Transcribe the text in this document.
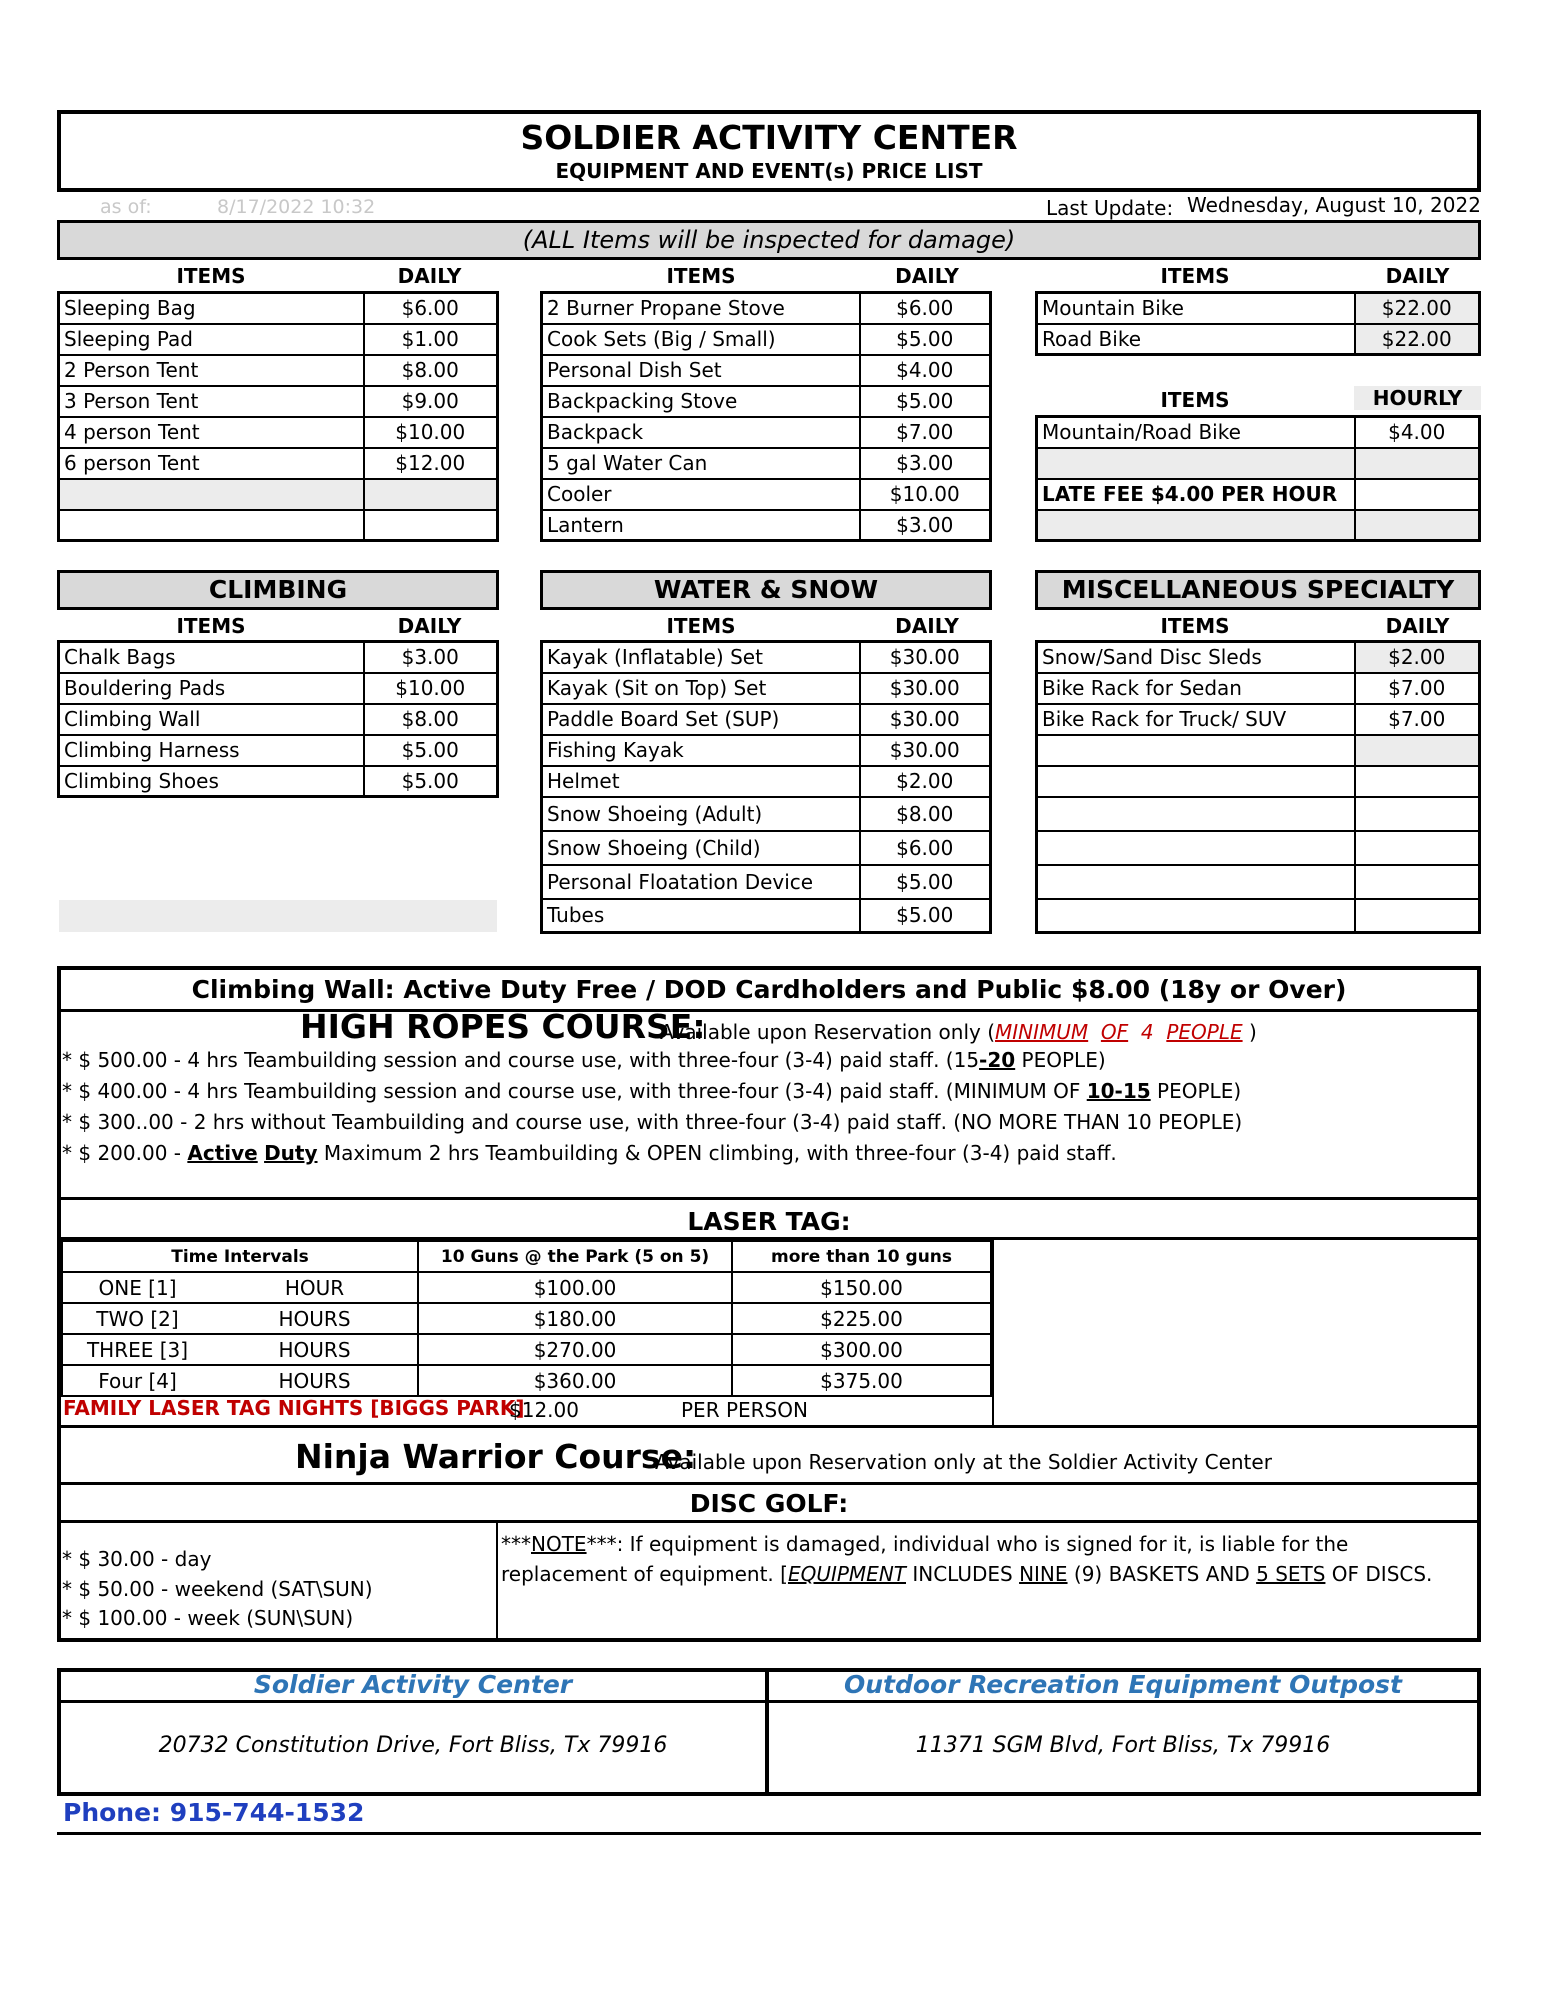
SOLDIER ACTIVITY CENTER
EQUIPMENT AND EVENT(s) PRICE LIST
as of:	8/17/2022 10:32	Last Update: Wednesday, August 10, 2022
(ALL Items will be inspected for damage)
ITEMS	DAILY	ITEMS	DAILY	ITEMS	DAILY
Sleeping Bag	$6.00
Sleeping Pad	$1.00
2 Person Tent	$8.00
3 Person Tent	$9.00
4 person Tent	$10.00
6 person Tent	$12.00

2 Burner Propane Stove	$6.00
Cook Sets (Big / Small)	$5.00
Personal Dish Set	$4.00
Backpacking Stove	$5.00
Backpack	$7.00
5 gal Water Can	$3.00
Cooler	$10.00
Lantern	$3.00
Mountain Bike	$22.00
Road Bike	$22.00
ITEMS	HOURLY
Mountain/Road Bike	$4.00

LATE FEE $4.00 PER HOUR	

CLIMBING	WATER & SNOW	MISCELLANEOUS SPECIALTY
ITEMS	DAILY	ITEMS	DAILY	ITEMS	DAILY
Chalk Bags	$3.00
Bouldering Pads	$10.00
Climbing Wall	$8.00
Climbing Harness	$5.00
Climbing Shoes	$5.00
Kayak (Inflatable) Set	$30.00
Kayak (Sit on Top) Set	$30.00
Paddle Board Set (SUP)	$30.00
Fishing Kayak	$30.00
Helmet	$2.00
Snow Shoeing (Adult)	$8.00
Snow Shoeing (Child)	$6.00
Personal Floatation Device	$5.00
Tubes	$5.00
Snow/Sand Disc Sleds	$2.00
Bike Rack for Sedan	$7.00
Bike Rack for Truck/ SUV	$7.00

Climbing Wall: Active Duty Free / DOD Cardholders and Public $8.00 (18y or Over)
HIGH ROPES COURSE:
Available upon Reservation only (MINIMUM OF 4 PEOPLE )
* $ 500.00 - 4 hrs Teambuilding session and course use, with three-four (3-4) paid staff. (15-20 PEOPLE)
* $ 400.00 - 4 hrs Teambuilding session and course use, with three-four (3-4) paid staff. (MINIMUM OF 10-15 PEOPLE)
* $ 300..00 - 2 hrs without Teambuilding and course use, with three-four (3-4) paid staff. (NO MORE THAN 10 PEOPLE)
* $ 200.00 - Active Duty Maximum 2 hrs Teambuilding & OPEN climbing, with three-four (3-4) paid staff.
LASER TAG:
Time Intervals		10 Guns @ the Park (5 on 5)	more than 10 guns
ONE [1]	HOUR	$100.00	$150.00
TWO [2]	HOURS	$180.00	$225.00
THREE [3]	HOURS	$270.00	$300.00
Four [4]	HOURS	$360.00	$375.00
FAMILY LASER TAG NIGHTS [BIGGS PARK]
$12.00	PER PERSON
Ninja Warrior Course:
Available upon Reservation only at the Soldier Activity Center
DISC GOLF:
* $ 30.00 - day
* $ 50.00 - weekend (SAT\SUN)
* $ 100.00 - week (SUN\SUN)
***NOTE***: If equipment is damaged, individual who is signed for it, is liable for the replacement of equipment. [EQUIPMENT INCLUDES NINE (9) BASKETS AND 5 SETS OF DISCS.
Soldier Activity Center	Outdoor Recreation Equipment Outpost
20732 Constitution Drive, Fort Bliss, Tx 79916	11371 SGM Blvd, Fort Bliss, Tx 79916
Phone: 915-744-1532
